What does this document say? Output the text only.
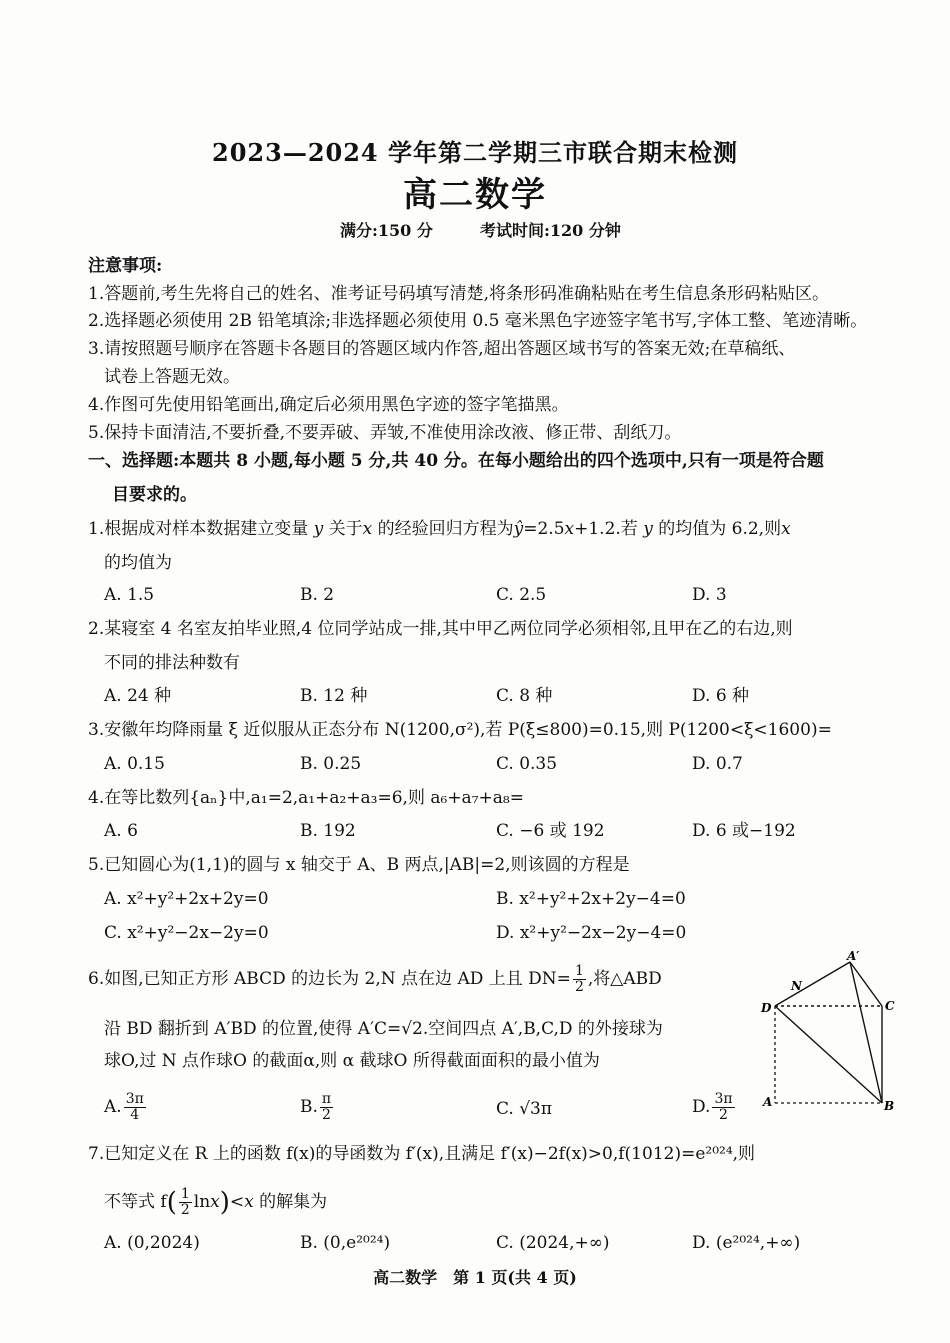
2023—2024 学年第二学期三市联合期末检测
高二数学
满分:150 分	考试时间:120 分钟
注意事项:
1.答题前,考生先将自己的姓名、准考证号码填写清楚,将条形码准确粘贴在考生信息条形码粘贴区。
2.选择题必须使用 2B 铅笔填涂;非选择题必须使用 0.5 毫米黑色字迹签字笔书写,字体工整、笔迹清晰。
3.请按照题号顺序在答题卡各题目的答题区域内作答,超出答题区域书写的答案无效;在草稿纸、
试卷上答题无效。
4.作图可先使用铅笔画出,确定后必须用黑色字迹的签字笔描黑。
5.保持卡面清洁,不要折叠,不要弄破、弄皱,不准使用涂改液、修正带、刮纸刀。
一、选择题:本题共 8 小题,每小题 5 分,共 40 分。在每小题给出的四个选项中,只有一项是符合题
目要求的。
1.根据成对样本数据建立变量 y 关于x 的经验回归方程为ŷ=2.5x+1.2.若 y 的均值为 6.2,则x
的均值为
A. 1.5	B. 2	C. 2.5	D. 3
2.某寝室 4 名室友拍毕业照,4 位同学站成一排,其中甲乙两位同学必须相邻,且甲在乙的右边,则
不同的排法种数有
A. 24 种	B. 12 种	C. 8 种	D. 6 种
3.安徽年均降雨量 ξ 近似服从正态分布 N(1200,σ²),若 P(ξ≤800)=0.15,则 P(1200<ξ<1600)=
A. 0.15	B. 0.25	C. 0.35	D. 0.7
4.在等比数列{aₙ}中,a₁=2,a₁+a₂+a₃=6,则 a₆+a₇+a₈=
A. 6	B. 192	C. −6 或 192	D. 6 或−192
5.已知圆心为(1,1)的圆与 x 轴交于 A、B 两点,|AB|=2,则该圆的方程是
A. x²+y²+2x+2y=0	B. x²+y²+2x+2y−4=0
C. x²+y²−2x−2y=0	D. x²+y²−2x−2y−4=0
6.如图,已知正方形 ABCD 的边长为 2,N 点在边 AD 上且 $DN= \frac{1}{2}$ ,将△ABD
沿 BD 翻折到 A′BD 的位置,使得 A′C=√2.空间四点 A′,B,C,D 的外接球为
球O,过 N 点作球O 的截面α,则 α 截球O 所得截面面积的最小值为
A. $\frac{3\pi}{4}$	B. $\frac{\pi}{2}$	C. √3π	D. $\frac{3\pi}{2}$
A′
N
D	C
A	B
7.已知定义在 R 上的函数 f(x)的导函数为 f′(x),且满足 f′(x)−2f(x)>0,f(1012)=e²⁰²⁴,则
不等式 $f( \frac{1}{2} \ln x)<x$ 的解集为
A. (0,2024)	B. (0,e²⁰²⁴)	C. (2024,+∞)	D. (e²⁰²⁴,+∞)
高二数学　第 1 页(共 4 页)
